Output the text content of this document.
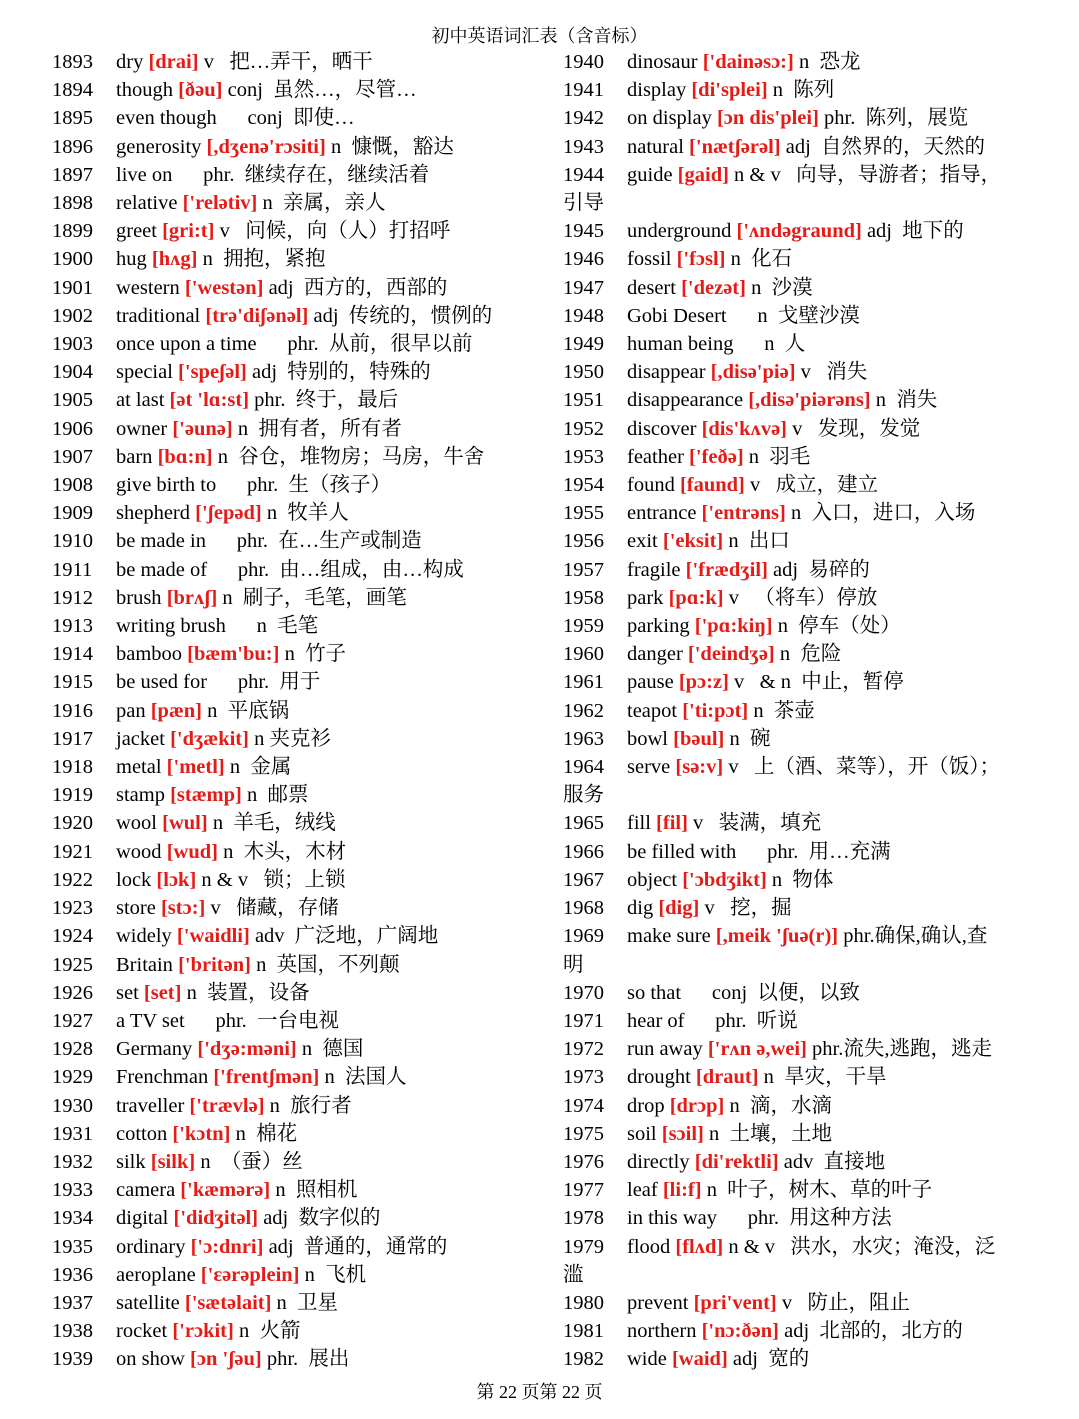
初中英语词汇表（含音标）
1893	dry [drai] v   把…弄干，晒干
1894	though [ðəu] conj  虽然…，尽管…
1895	even though      conj  即使…
1896	generosity [,dʒenə'rɔsiti] n  慷慨，豁达
1897	live on      phr.  继续存在，继续活着
1898	relative ['relətiv] n  亲属，亲人
1899	greet [gri:t] v   问候，向（人）打招呼
1900	hug [hʌg] n  拥抱，紧抱
1901	western ['westən] adj  西方的，西部的
1902	traditional [trə'diʃənəl] adj  传统的，惯例的
1903	once upon a time      phr.  从前，很早以前
1904	special ['speʃəl] adj  特别的，特殊的
1905	at last [ət 'lɑ:st] phr.  终于，最后
1906	owner ['əunə] n  拥有者，所有者
1907	barn [bɑ:n] n  谷仓，堆物房；马房，牛舍
1908	give birth to      phr.  生（孩子）
1909	shepherd ['ʃepəd] n  牧羊人
1910	be made in      phr.  在…生产或制造
1911	be made of      phr.  由…组成，由…构成
1912	brush [brʌʃ] n  刷子，毛笔，画笔
1913	writing brush      n  毛笔
1914	bamboo [bæm'bu:] n  竹子
1915	be used for      phr.  用于
1916	pan [pæn] n  平底锅
1917	jacket ['dʒækit] n 夹克衫
1918	metal ['metl] n  金属
1919	stamp [stæmp] n  邮票
1920	wool [wul] n  羊毛，绒线
1921	wood [wud] n  木头，木材
1922	lock [lɔk] n & v   锁；上锁
1923	store [stɔ:] v   储藏，存储
1924	widely ['waidli] adv  广泛地，广阔地
1925	Britain ['britən] n  英国，不列颠
1926	set [set] n  装置，设备
1927	a TV set      phr.  一台电视
1928	Germany ['dʒə:məni] n  德国
1929	Frenchman ['frentʃmən] n  法国人
1930	traveller ['trævlə] n  旅行者
1931	cotton ['kɔtn] n  棉花
1932	silk [silk] n  （蚕）丝
1933	camera ['kæmərə] n  照相机
1934	digital ['didʒitəl] adj  数字似的
1935	ordinary ['ɔ:dnri] adj  普通的，通常的
1936	aeroplane ['ɛərəplein] n  飞机
1937	satellite ['sætəlait] n  卫星
1938	rocket ['rɔkit] n  火箭
1939	on show [ɔn 'ʃəu] phr.  展出
1940	dinosaur ['dainəsɔ:] n  恐龙
1941	display [di'splei] n  陈列
1942	on display [ɔn dis'plei] phr.  陈列，展览
1943	natural ['nætʃərəl] adj  自然界的，天然的
1944	guide [gaid] n & v   向导，导游者；指导，
引导
1945	underground ['ʌndəgraund] adj  地下的
1946	fossil ['fɔsl] n  化石
1947	desert ['dezət] n  沙漠
1948	Gobi Desert      n  戈壁沙漠
1949	human being      n  人
1950	disappear [,disə'piə] v   消失
1951	disappearance [,disə'piərəns] n  消失
1952	discover [dis'kʌvə] v   发现，发觉
1953	feather ['feðə] n  羽毛
1954	found [faund] v   成立，建立
1955	entrance ['entrəns] n  入口，进口，入场
1956	exit ['eksit] n  出口
1957	fragile ['frædʒil] adj  易碎的
1958	park [pɑ:k] v   （将车）停放
1959	parking ['pɑ:kiŋ] n  停车（处）
1960	danger ['deindʒə] n  危险
1961	pause [pɔ:z] v   & n  中止，暂停
1962	teapot ['ti:pɔt] n  茶壶
1963	bowl [bəul] n  碗
1964	serve [sə:v] v   上（酒、菜等），开（饭）；
服务
1965	fill [fil] v   装满，填充
1966	be filled with      phr.  用…充满
1967	object ['ɔbdʒikt] n  物体
1968	dig [dig] v   挖，掘
1969	make sure [,meik 'ʃuə(r)] phr.确保,确认,查
明
1970	so that      conj  以便，以致
1971	hear of      phr.  听说
1972	run away ['rʌn ə,wei] phr.流失,逃跑，逃走
1973	drought [draut] n  旱灾，干旱
1974	drop [drɔp] n  滴，水滴
1975	soil [sɔil] n  土壤，土地
1976	directly [di'rektli] adv  直接地
1977	leaf [li:f] n  叶子，树木、草的叶子
1978	in this way      phr.  用这种方法
1979	flood [flʌd] n & v   洪水，水灾；淹没，泛
滥
1980	prevent [pri'vent] v   防止，阻止
1981	northern ['nɔ:ðən] adj  北部的，北方的
1982	wide [waid] adj  宽的
第 22 页第 22 页
